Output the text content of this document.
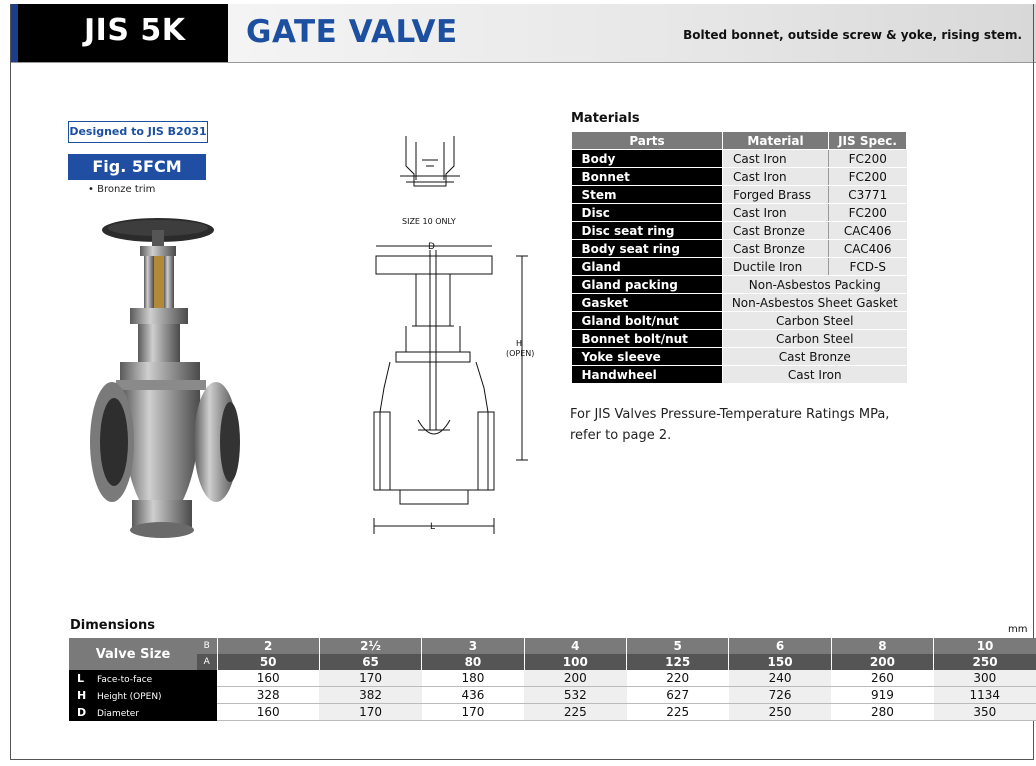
JIS 5K GATE VALVE	Bolted bonnet, outside screw & yoke, rising stem.
Designed to JIS B2031
Fig. 5FCM
• Bronze trim
SIZE 10 ONLY
D
H
(OPEN)
L
Materials
Parts	Material	JIS Spec.
Body	Cast Iron	FC200
Bonnet	Cast Iron	FC200
Stem	Forged Brass	C3771
Disc	Cast Iron	FC200
Disc seat ring	Cast Bronze	CAC406
Body seat ring	Cast Bronze	CAC406
Gland	Ductile Iron	FCD-S
Gland packing	Non-Asbestos Packing	
Gasket	Non-Asbestos Sheet Gasket	
Gland bolt/nut	Carbon Steel	
Bonnet bolt/nut	Carbon Steel	
Yoke sleeve	Cast Bronze	
Handwheel	Cast Iron	
For JIS Valves Pressure-Temperature Ratings MPa,
refer to page 2.
Dimensions	mm
Valve Size	B	2	2½	3	4	5	6	8	10
	A	50	65	80	100	125	150	200	250
L Face-to-face		160	170	180	200	220	240	260	300
H Height (OPEN)		328	382	436	532	627	726	919	1134
D Diameter		160	170	170	225	225	250	280	350
